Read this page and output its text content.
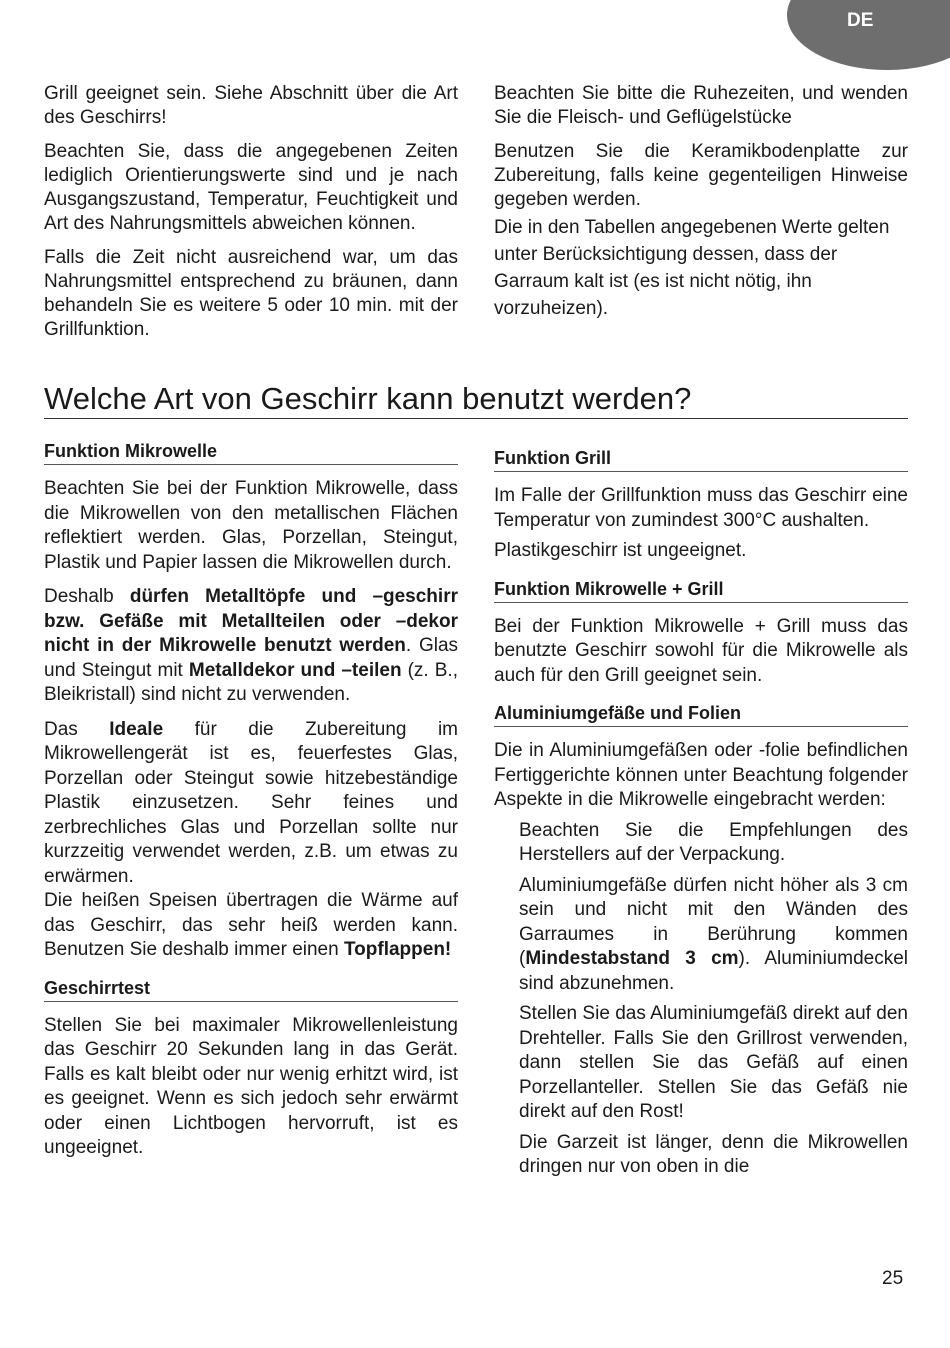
DE

Grill geeignet sein. Siehe Abschnitt über die Art des Geschirrs!

Beachten Sie, dass die angegebenen Zeiten lediglich Orientierungswerte sind und je nach Ausgangszustand, Temperatur, Feuchtigkeit und Art des Nahrungsmittels abweichen können.

Falls die Zeit nicht ausreichend war, um das Nahrungsmittel entsprechend zu bräunen, dann behandeln Sie es weitere 5 oder 10 min. mit der Grillfunktion.

Beachten Sie bitte die Ruhezeiten, und wenden Sie die Fleisch- und Geflügelstücke

Benutzen Sie die Keramikbodenplatte zur Zubereitung, falls keine gegenteiligen Hinweise gegeben werden.

Die in den Tabellen angegebenen Werte gelten unter Berücksichtigung dessen, dass der Garraum kalt ist (es ist nicht nötig, ihn vorzuheizen).

Welche Art von Geschirr kann benutzt werden?
Funktion Mikrowelle

Beachten Sie bei der Funktion Mikrowelle, dass die Mikrowellen von den metallischen Flächen reflektiert werden. Glas, Porzellan, Steingut, Plastik und Papier lassen die Mikrowellen durch.

Deshalb dürfen Metalltöpfe und –geschirr bzw. Gefäße mit Metallteilen oder –dekor nicht in der Mikrowelle benutzt werden. Glas und Steingut mit Metalldekor und –teilen (z. B., Bleikristall) sind nicht zu verwenden.

Das Ideale für die Zubereitung im Mikrowellengerät ist es, feuerfestes Glas, Porzellan oder Steingut sowie hitzebeständige Plastik einzusetzen. Sehr feines und zerbrechliches Glas und Porzellan sollte nur kurzzeitig verwendet werden, z.B. um etwas zu erwärmen.

Die heißen Speisen übertragen die Wärme auf das Geschirr, das sehr heiß werden kann. Benutzen Sie deshalb immer einen Topflappen!

Geschirrtest

Stellen Sie bei maximaler Mikrowellenleistung das Geschirr 20 Sekunden lang in das Gerät. Falls es kalt bleibt oder nur wenig erhitzt wird, ist es geeignet. Wenn es sich jedoch sehr erwärmt oder einen Lichtbogen hervorruft, ist es ungeeignet.

Funktion Grill

Im Falle der Grillfunktion muss das Geschirr eine Temperatur von zumindest 300°C aushalten.

Plastikgeschirr ist ungeeignet.

Funktion Mikrowelle + Grill

Bei der Funktion Mikrowelle + Grill muss das benutzte Geschirr sowohl für die Mikrowelle als auch für den Grill geeignet sein.

Aluminiumgefäße und Folien

Die in Aluminiumgefäßen oder -folie befindlichen Fertiggerichte können unter Beachtung folgender Aspekte in die Mikrowelle eingebracht werden:

Beachten Sie die Empfehlungen des Herstellers auf der Verpackung.

Aluminiumgefäße dürfen nicht höher als 3 cm sein und nicht mit den Wänden des Garraumes in Berührung kommen (Mindestabstand 3 cm). Aluminiumdeckel sind abzunehmen.

Stellen Sie das Aluminiumgefäß direkt auf den Drehteller. Falls Sie den Grillrost verwenden, dann stellen Sie das Gefäß auf einen Porzellanteller. Stellen Sie das Gefäß nie direkt auf den Rost!

Die Garzeit ist länger, denn die Mikrowellen dringen nur von oben in die

25
